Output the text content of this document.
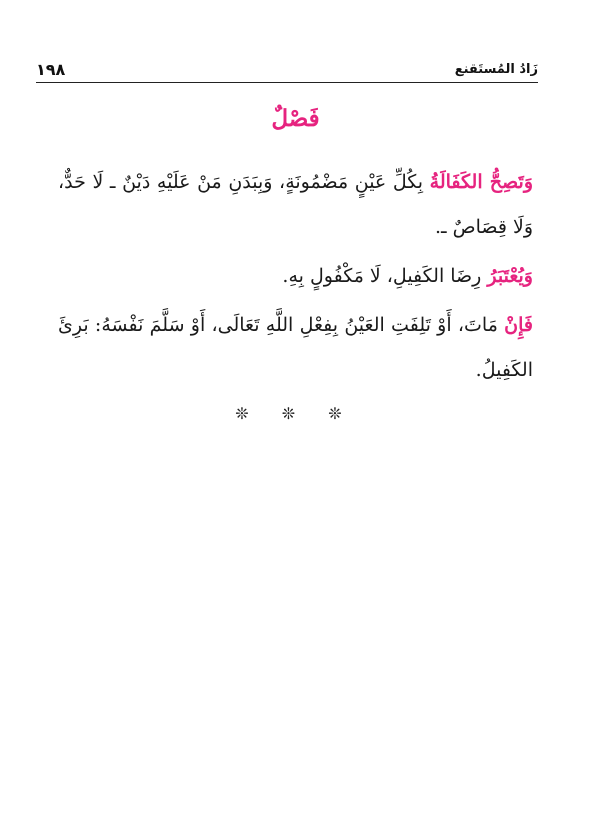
١٩٨	زَادُ المُستَقنع
فَصْلٌ

وَتَصِحُّ الكَفَالَةُ بِكُلِّ عَيْنٍ مَضْمُونَةٍ، وَبِبَدَنِ مَنْ عَلَيْهِ دَيْنٌ ـ لَا حَدٌّ، وَلَا قِصَاصٌ ـ.

وَيُعْتَبَرُ رِضَا الكَفِيلِ، لَا مَكْفُولٍ بِهِ.

فَإِنْ مَاتَ، أَوْ تَلِفَتِ العَيْنُ بِفِعْلِ اللَّهِ تَعَالَى، أَوْ سَلَّمَ نَفْسَهُ: بَرِئَ الكَفِيلُ.

❊ ❊ ❊
